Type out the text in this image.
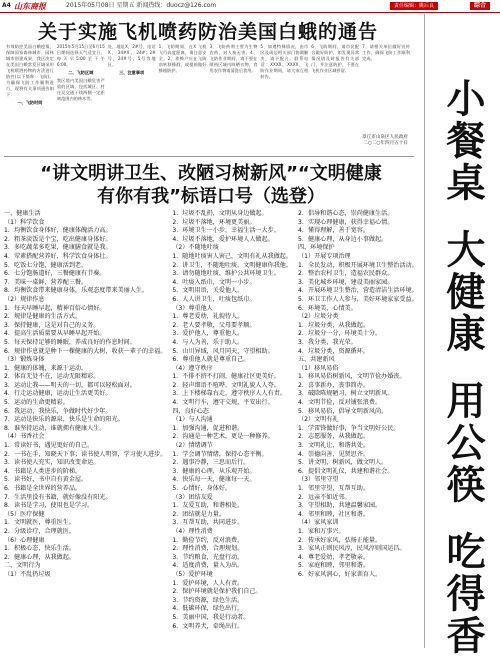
A4 山东商报	2015年05月08日 星期五 新闻热线：duocz@126.com	责任编辑：姚后良	综合
关于实施飞机喷药防治美国白蛾的通告
有效防控美国白蛾疫情，保障国家森林城市、园林城市创建成果，我区决定在美国白蛾常发区域采用飞机喷洒药物的方法进行防控(以下简称：飞防)。为确保飞防工作顺利进行，现将有关事项通告如下：
一、飞防时间
2015年5月15日至6月15日期间选择天气适宜日，每天早5:00至下午6:00。
二、飞防区域
我区境内美国白蛾危害严重的区域，包括城区、村庄及交通干线两侧一定距离范围内的林木等。
处，地址X，2#号，电话X，34#X，24#；2#号，24#号，5号等地区。
三、注意事项
1、飞防期间，在X 飞机飞行高度距离，请注意安全。2、养蜂户应在飞防前转移蜂群，或提前做好蜂箱防护。
3、飞防药剂主要为生物农药，对人畜无害。4、飞防作业期间，请不要在喷药区域内晾晒衣物，食用农作物请清洗后食用。
5、如遇特殊情况，由市区及周边相关部门协调解决，请予配合。联系电话：XXXX，XXXX，飞防作业期间，请大家互相转告。
6、飞防期间，请市民配合做好防护，如发现异常情况请及时报告有关部门，并注意防护，不要在飞机作业区域停留。
7、请相关单位做好宣传工作，确保飞防工作顺利完成。
章丘市山泉区人民政府
二○二○年四月五十日
“讲文明讲卫生、改陋习树新风”“文明健康
有你有我”标语口号（选登）
一、健康生活
（1）科学饮食
1．均衡饮食身体好，健康体魄活力高。
2．粗茶淡饭是个宝，吃出健康身体好。
3．多吃蔬菜多吃果，健康膳食就是我。
4．荤素搭配营养好，科学饮食身体壮。
5．吃饭七分饱，健康活到老。
6．七分饱肠道好，三餐健康有节奏。
7．美味一桌鲜，营养配三餐。
8．均衡饮食带来健康身体，乐观态度带来美丽人生。
（2）规律作息
1．每天早睡早起，精神百倍心情好。
2．规律是健康的生活方式。
3．保持健康，这是对自己的义务。
4．提高生活质量要从早睡早起开始。
5．每天保持足够的睡眠，养成良好的作息时间。
6．规律作息就是种下一棵健康的大树，收获一辈子的幸福。
（3）锻炼身体
1．健康的体魄，来源于运动。
2．体育无处不在，运动无限精彩。
3．运动让我——明天的一切，都可以轻松面对。
4．行走运动健康，运动让生活更美好。
5．运动的生命更精彩。
6．我运动，我快乐，争做时代好少年。
7．运动是快乐的源泉，快乐是生命的阳光。
8．谁坚持运动，谁就拥有健康人生。
（4）书香社会
1．常读好书，遇见更好的自己。
2．一书在手，知晓天下事；读书使人明智，学习使人进步。
3．读书使人充实，知识改变命运。
4．书籍是人类进步的阶梯。
5．读书好，书中自有黄金屋。
6．书籍是全世界的营养品。
7．生活里没有书籍，就好像没有阳光。
8．读书是学习，使用也是学习。
（5）医疗保健
1．文明就医，尊重医生。
2．分级诊疗，合理就医。
（6）心理健康
1．积极心态，快乐生活。
2．健康心理，从我做起。
二、文明行为
（1）不乱扔垃圾
1．垃圾不乱扔，文明从身边做起。
2．垃圾不落地，环境更美丽。
3．环境卫生一小步，幸福生活一大步。
4．垃圾不落地，爱护环境人人做起。
（2）不随地吐痰
1．随地吐痰害人害己，文明有礼从我做起。
2．讲卫生，不随地吐痰，文明健康你我他。
3．请勿随地吐痰，维护公共环境卫生。
4．吐痰入纸巾，文明一小步。
5．文明用语，关爱他人。
6．人人讲卫生，吐痰包纸巾。
（3）尊重他人
1．尊老爱幼，礼貌待人。
2．老人要孝敬，父母要孝顺。
3．爱护他人，尊重他人。
4．与人为善，乐于助人。
5．山川异域，风月同天，守望相助。
6．尊重他人就是尊重自己。
（4）遵守秩序
1．不排不挤不打闹，健康社区更美好。
2．轻声细语不喧哗，文明礼貌人人夸。
3．上下楼梯靠右走，遵守秩序人人有责。
4．文明行车，遵守交规，平安出行。
四、良好心态
（1）与人沟通
1．加强沟通，促进和谐。
2．沟通是一种艺术，更是一种修养。
（2）情绪调节
1．学会调节情绪，保持心态平衡。
2．遇事冷静，三思而后行。
3．健康的心理，从乐观开始。
4．快乐每一天，健康每一天。
5．心情好，身体好。
（3）团结友爱
1．友爱互助，和谐相处。
2．团结就是力量。
3．互帮互助，共同进步。
（4）理性消费
1．勤俭节约，反对浪费。
2．理性消费，合理规划。
3．节约粮食，光盘行动。
4．适度消费，量入为出。
（5）爱护环境
1．爱护环境，人人有责。
2．保护环境就是保护我们自己。
3．节约资源，绿色生活。
4．低碳环保，绿色出行。
5．美丽中国，我是行动者。
6．文明养犬，牵绳出行。
2．倡导和谐心态，崇尚健康生活。
3．实现心理健康，获得幸福心情。
4．懂得理解，善于宽容。
5．健康心理，从身边小事做起。
四、环境保护
（1）开展专项治理
1．全民发动，积极开展环境卫生整治活动。
2．整治农村卫生，造福农民群众。
3．美化城乡环境，建设美丽家园。
4．开展环境卫生整治，营造清洁生活环境。
5．环卫工作人人参与，美好环境家家受益。
6．环境美，心情美。
（2）垃圾分类
1．垃圾分类，从我做起。
2．垃圾分一分，环境美十分。
3．我分类，我光荣。
4．垃圾分类，资源循环。
五、共建新风
（1）移风易俗
1．移风易俗树新风，文明节俭办婚丧。
2．喜事新办，丧事简办。
3．破除陈规陋习，树立文明新风。
4．文明节俭，反对铺张浪费。
5．移风易俗，倡导文明新风尚。
（2）文明有礼
1．学雷锋做好事，争当文明好公民。
2．志愿服务，从我做起。
3．文明礼让，和谐共处。
4．崇德向善，见贤思齐。
5．讲文明，树新风，做文明人。
6．提倡文明礼仪，共建和谐社会。
（3）邻里守望
1．邻里守望，互帮互助。
2．远亲不如近邻。
3．守望相助，共建温馨家园。
4．邻里和睦，社区和谐。
（4）家风家训
1．家和万事兴。
2．传承好家风，弘扬正能量。
3．家风正则民风淳，民风淳则国运昌。
4．尊老爱幼，孝老敬亲。
5．家庭和睦，邻里和谐。
6．好家风润心，好家训育人。
小餐桌
大健康
用公筷
吃得香
